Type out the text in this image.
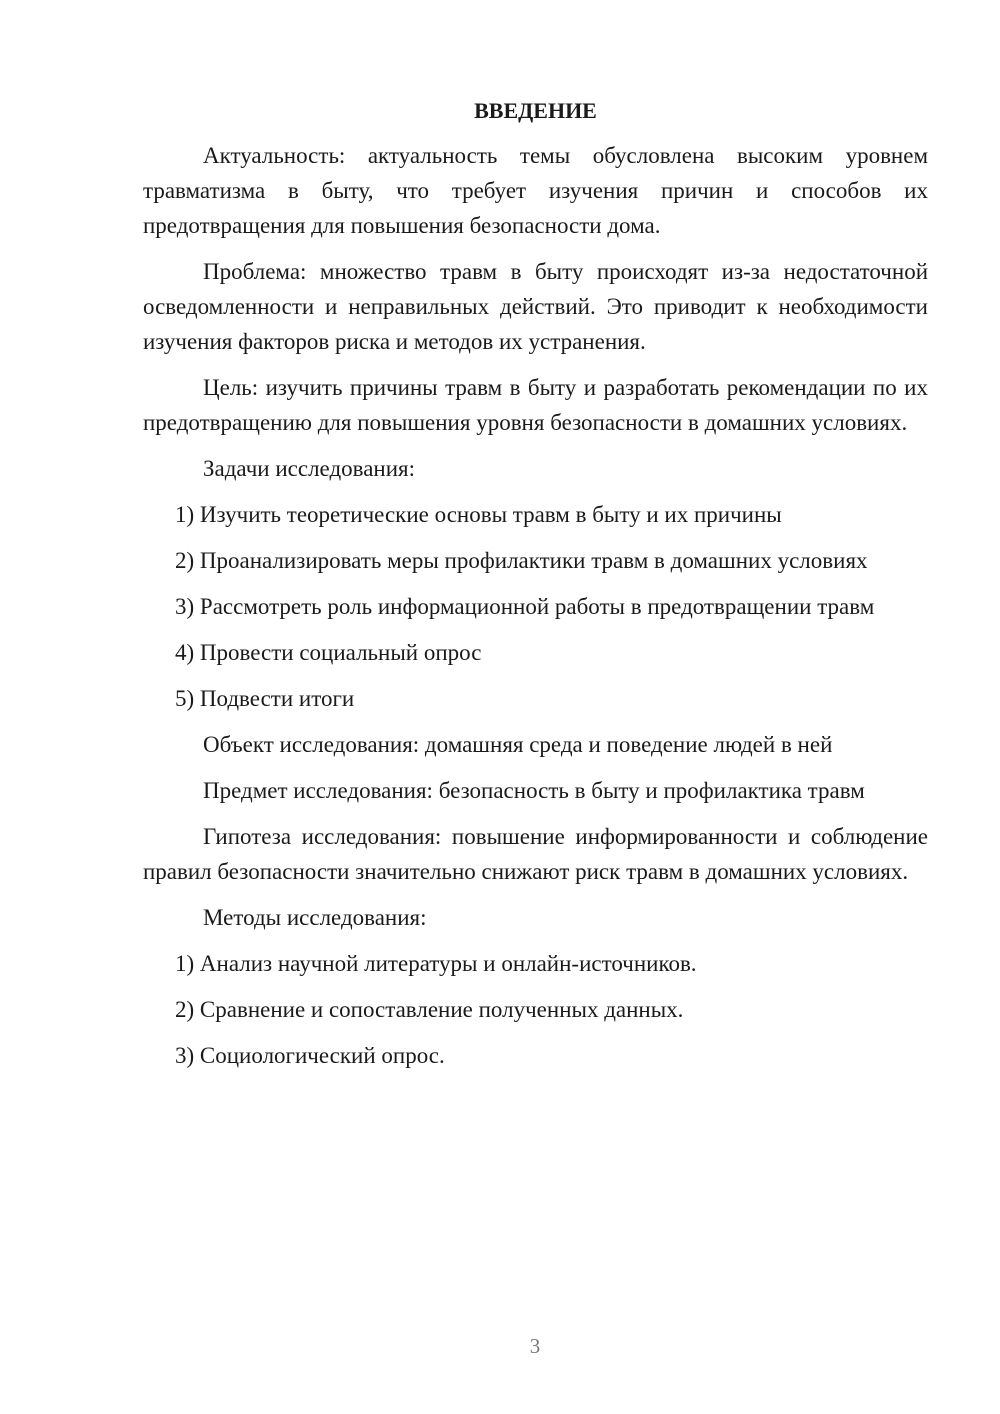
ВВЕДЕНИЕ

Актуальность: актуальность темы обусловлена высоким уровнем травматизма в быту, что требует изучения причин и способов их предотвращения для повышения безопасности дома.

Проблема: множество травм в быту происходят из-за недостаточной осведомленности и неправильных действий. Это приводит к необходимости изучения факторов риска и методов их устранения.

Цель: изучить причины травм в быту и разработать рекомендации по их предотвращению для повышения уровня безопасности в домашних условиях.

Задачи исследования:

1) Изучить теоретические основы травм в быту и их причины

2) Проанализировать меры профилактики травм в домашних условиях

3) Рассмотреть роль информационной работы в предотвращении травм

4) Провести социальный опрос

5) Подвести итоги

Объект исследования: домашняя среда и поведение людей в ней

Предмет исследования: безопасность в быту и профилактика травм

Гипотеза исследования: повышение информированности и соблюдение правил безопасности значительно снижают риск травм в домашних условиях.

Методы исследования:

1) Анализ научной литературы и онлайн-источников.

2) Сравнение и сопоставление полученных данных.

3) Социологический опрос.

3
